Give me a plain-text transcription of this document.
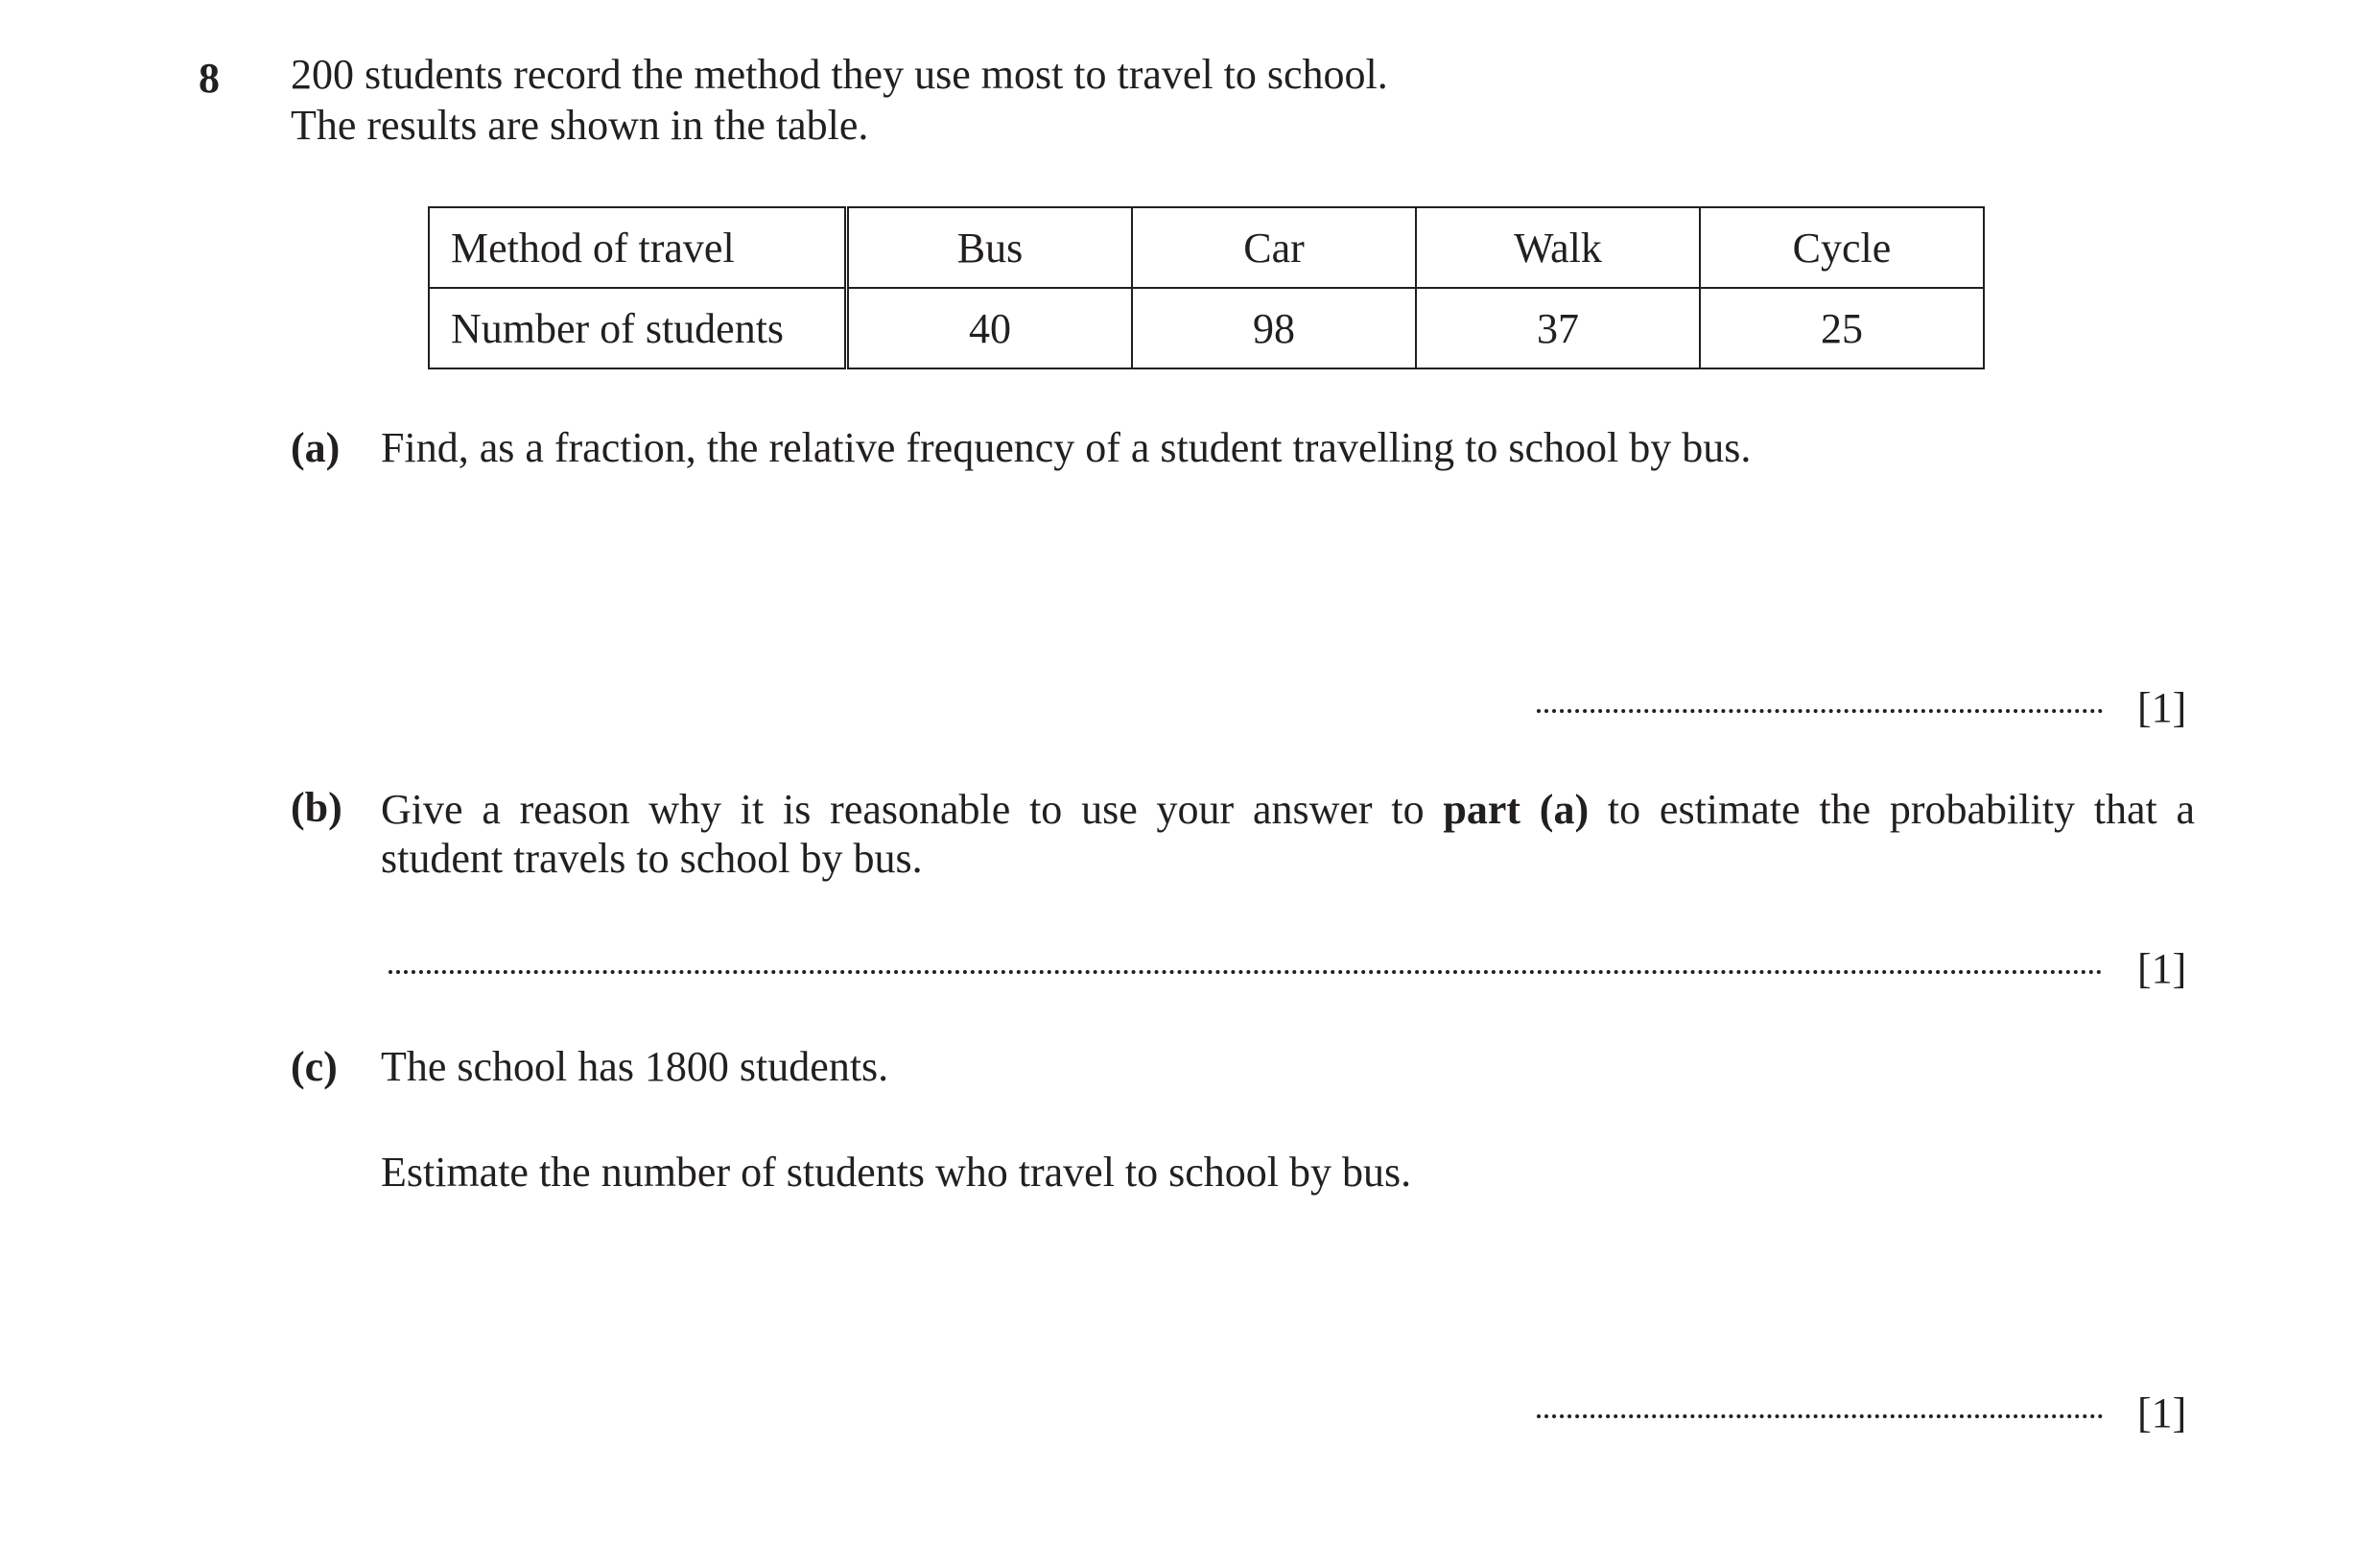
8 200 students record the method they use most to travel to school.
The results are shown in the table.
Method of travel	Bus	Car	Walk	Cycle
Number of students	40	98	37	25
(a) Find, as a fraction, the relative frequency of a student travelling to school by bus.
[1]
(b) Give a reason why it is reasonable to use your answer to part (a) to estimate the probability that a
student travels to school by bus.
[1]
(c) The school has 1800 students.
Estimate the number of students who travel to school by bus.
[1]
